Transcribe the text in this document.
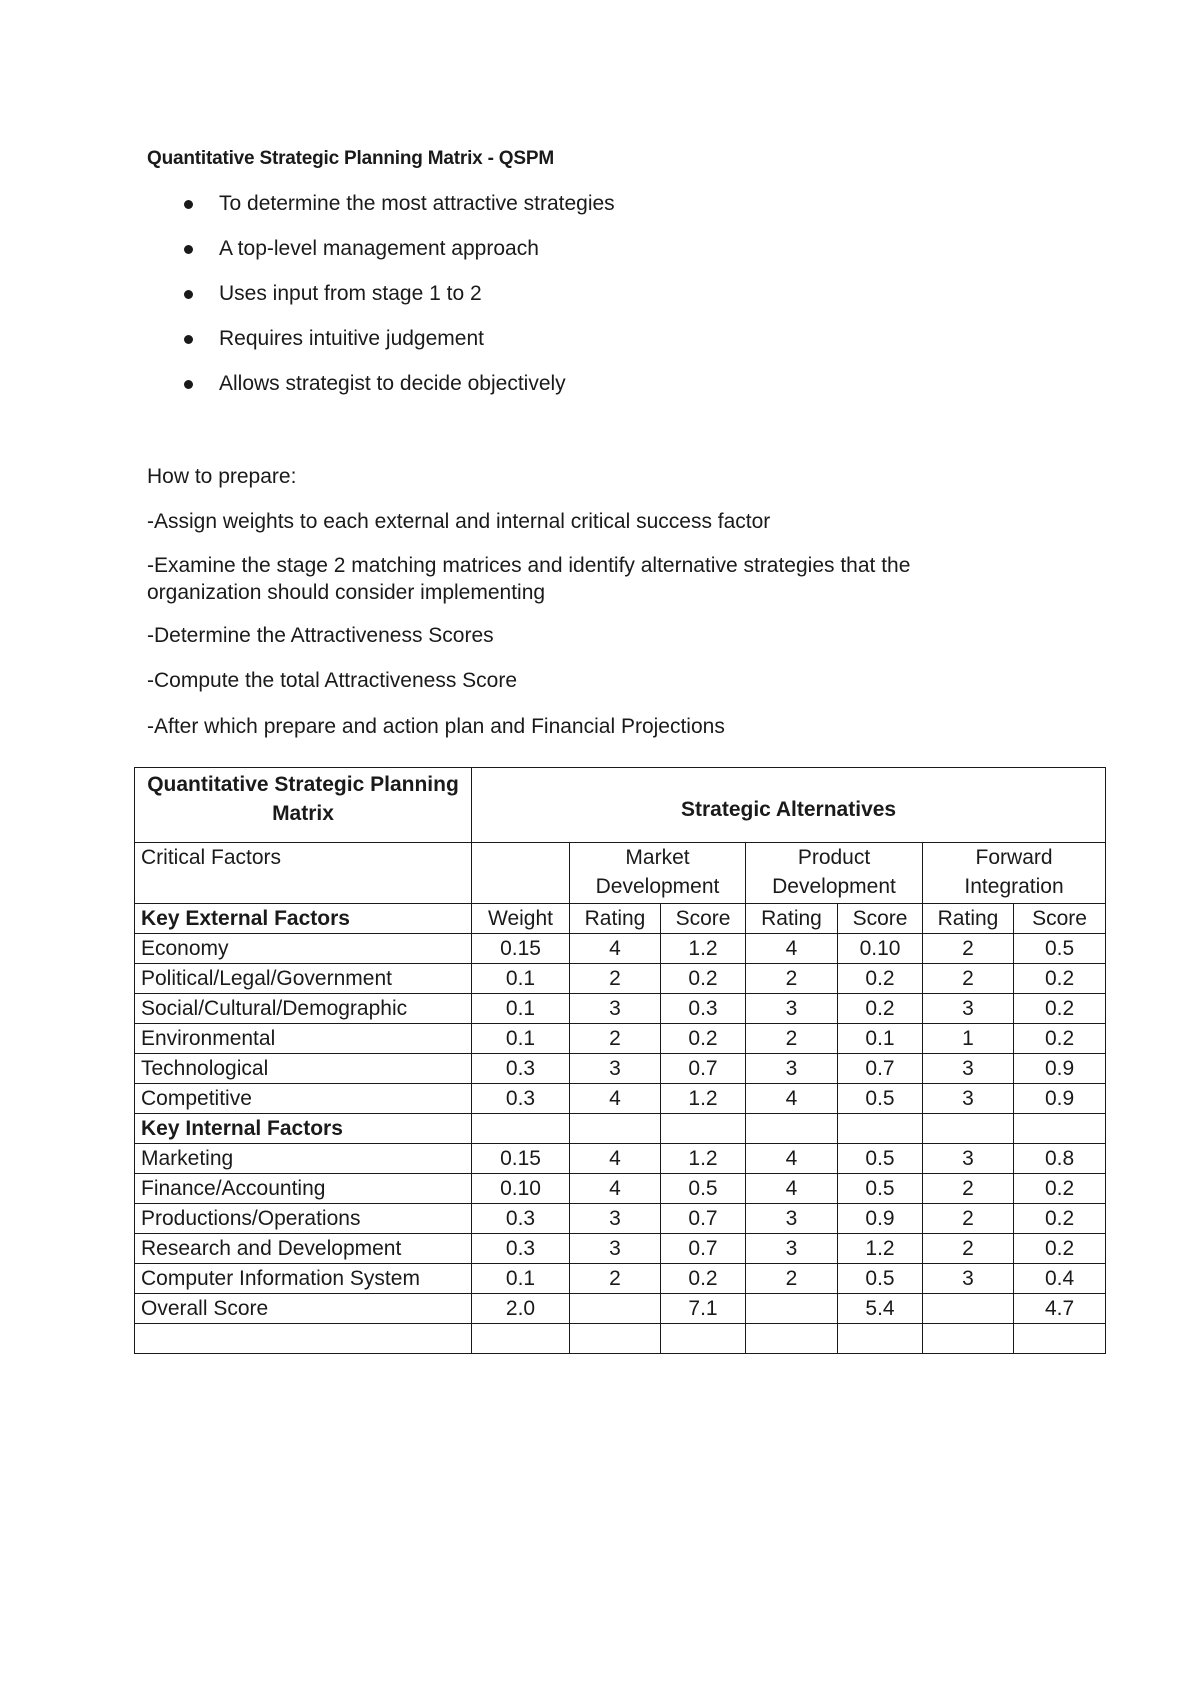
Quantitative Strategic Planning Matrix - QSPM
To determine the most attractive strategies
A top-level management approach
Uses input from stage 1 to 2
Requires intuitive judgement
Allows strategist to decide objectively
How to prepare:
-Assign weights to each external and internal critical success factor
-Examine the stage 2 matching matrices and identify alternative strategies that the organization should consider implementing
-Determine the Attractiveness Scores
-Compute the total Attractiveness Score
-After which prepare and action plan and Financial Projections
Quantitative Strategic Planning Matrix	Strategic Alternatives						
Critical Factors		Market Development		Product Development		Forward Integration	

Key External Factors	Weight	Rating	Score	Rating	Score	Rating	Score
Economy	0.15	4	1.2	4	0.10	2	0.5
Political/Legal/Government	0.1	2	0.2	2	0.2	2	0.2
Social/Cultural/Demographic	0.1	3	0.3	3	0.2	3	0.2
Environmental	0.1	2	0.2	2	0.1	1	0.2
Technological	0.3	3	0.7	3	0.7	3	0.9
Competitive	0.3	4	1.2	4	0.5	3	0.9
Key Internal Factors							
Marketing	0.15	4	1.2	4	0.5	3	0.8
Finance/Accounting	0.10	4	0.5	4	0.5	2	0.2
Productions/Operations	0.3	3	0.7	3	0.9	2	0.2
Research and Development	0.3	3	0.7	3	1.2	2	0.2
Computer Information System	0.1	2	0.2	2	0.5	3	0.4
Overall Score	2.0		7.1		5.4		4.7
